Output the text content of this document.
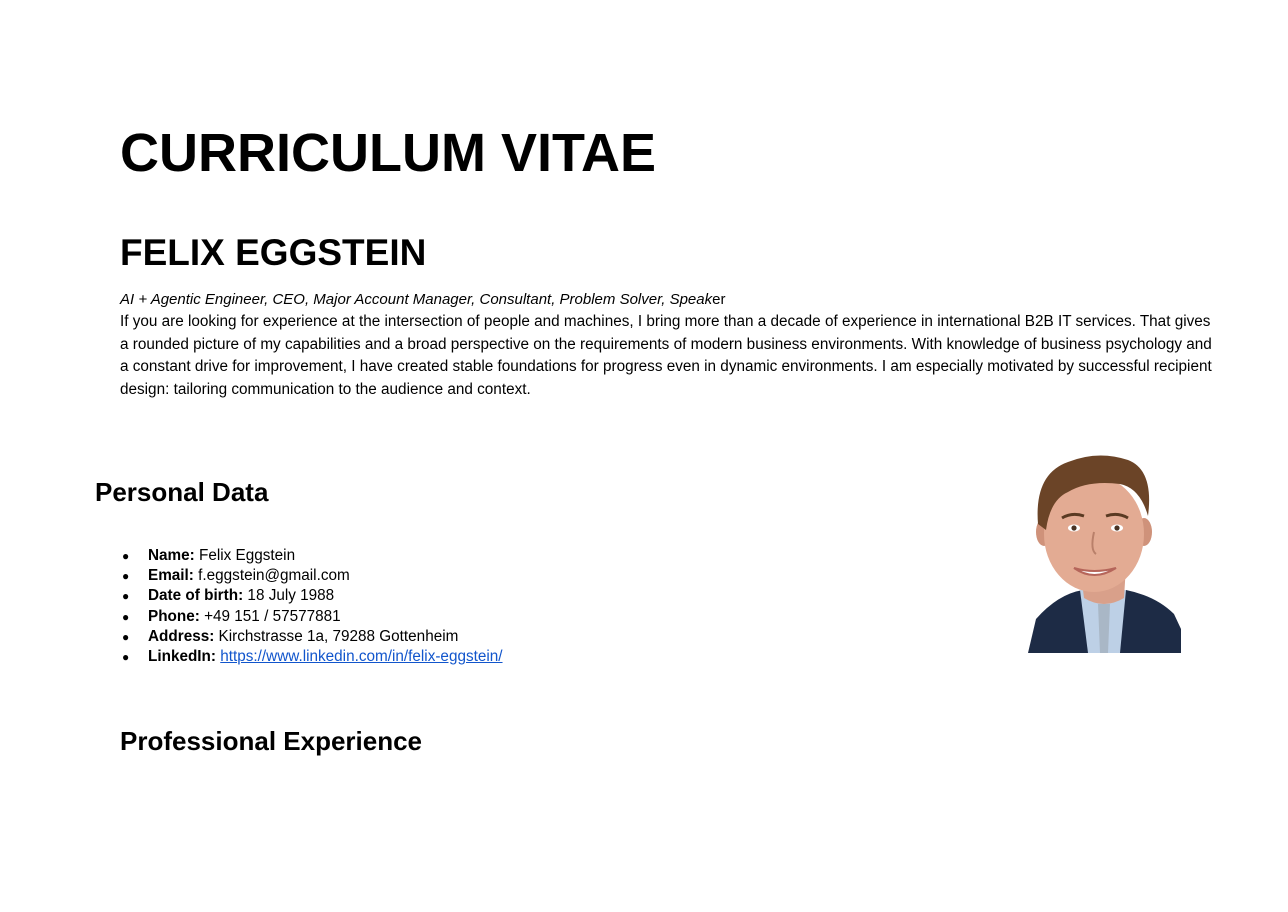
CURRICULUM VITAE
FELIX EGGSTEIN

AI + Agentic Engineer, CEO, Major Account Manager, Consultant, Problem Solver, Speaker

If you are looking for experience at the intersection of people and machines, I bring more than a decade of experience in international B2B IT services. That gives a rounded picture of my capabilities and a broad perspective on the requirements of modern business environments. With knowledge of business psychology and a constant drive for improvement, I have created stable foundations for progress even in dynamic environments. I am especially motivated by successful recipient design: tailoring communication to the audience and context.

Personal Data
● Name: Felix Eggstein
● Email: f.eggstein@gmail.com
● Date of birth: 18 July 1988
● Phone: +49 151 / 57577881
● Address: Kirchstrasse 1a, 79288 Gottenheim
● LinkedIn: https://www.linkedin.com/in/felix-eggstein/
Professional Experience
